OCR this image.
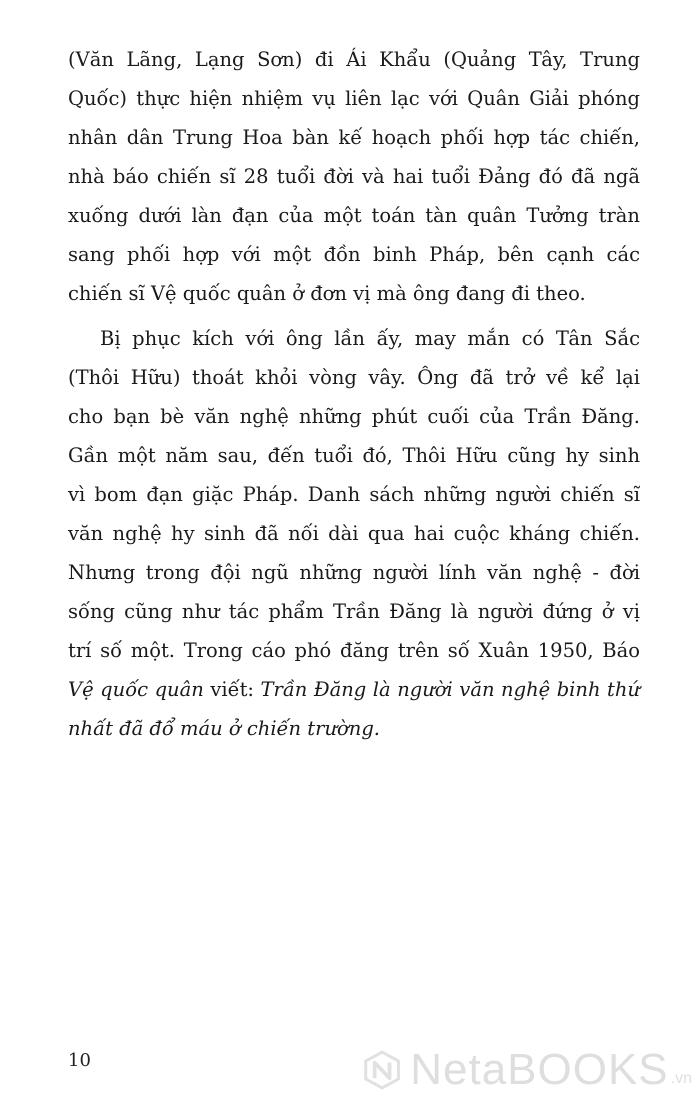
(Văn Lãng, Lạng Sơn) đi Ái Khẩu (Quảng Tây, Trung
Quốc) thực hiện nhiệm vụ liên lạc với Quân Giải phóng
nhân dân Trung Hoa bàn kế hoạch phối hợp tác chiến,
nhà báo chiến sĩ 28 tuổi đời và hai tuổi Đảng đó đã ngã
xuống dưới làn đạn của một toán tàn quân Tưởng tràn
sang phối hợp với một đồn binh Pháp, bên cạnh các
chiến sĩ Vệ quốc quân ở đơn vị mà ông đang đi theo.

Bị phục kích với ông lần ấy, may mắn có Tân Sắc
(Thôi Hữu) thoát khỏi vòng vây. Ông đã trở về kể lại
cho bạn bè văn nghệ những phút cuối của Trần Đăng.
Gần một năm sau, đến tuổi đó, Thôi Hữu cũng hy sinh
vì bom đạn giặc Pháp. Danh sách những người chiến sĩ
văn nghệ hy sinh đã nối dài qua hai cuộc kháng chiến.
Nhưng trong đội ngũ những người lính văn nghệ - đời
sống cũng như tác phẩm Trần Đăng là người đứng ở vị
trí số một. Trong cáo phó đăng trên số Xuân 1950, Báo
Vệ quốc quân viết: Trần Đăng là người văn nghệ binh thứ
nhất đã đổ máu ở chiến trường.

10	NetaBOOKS .vn
